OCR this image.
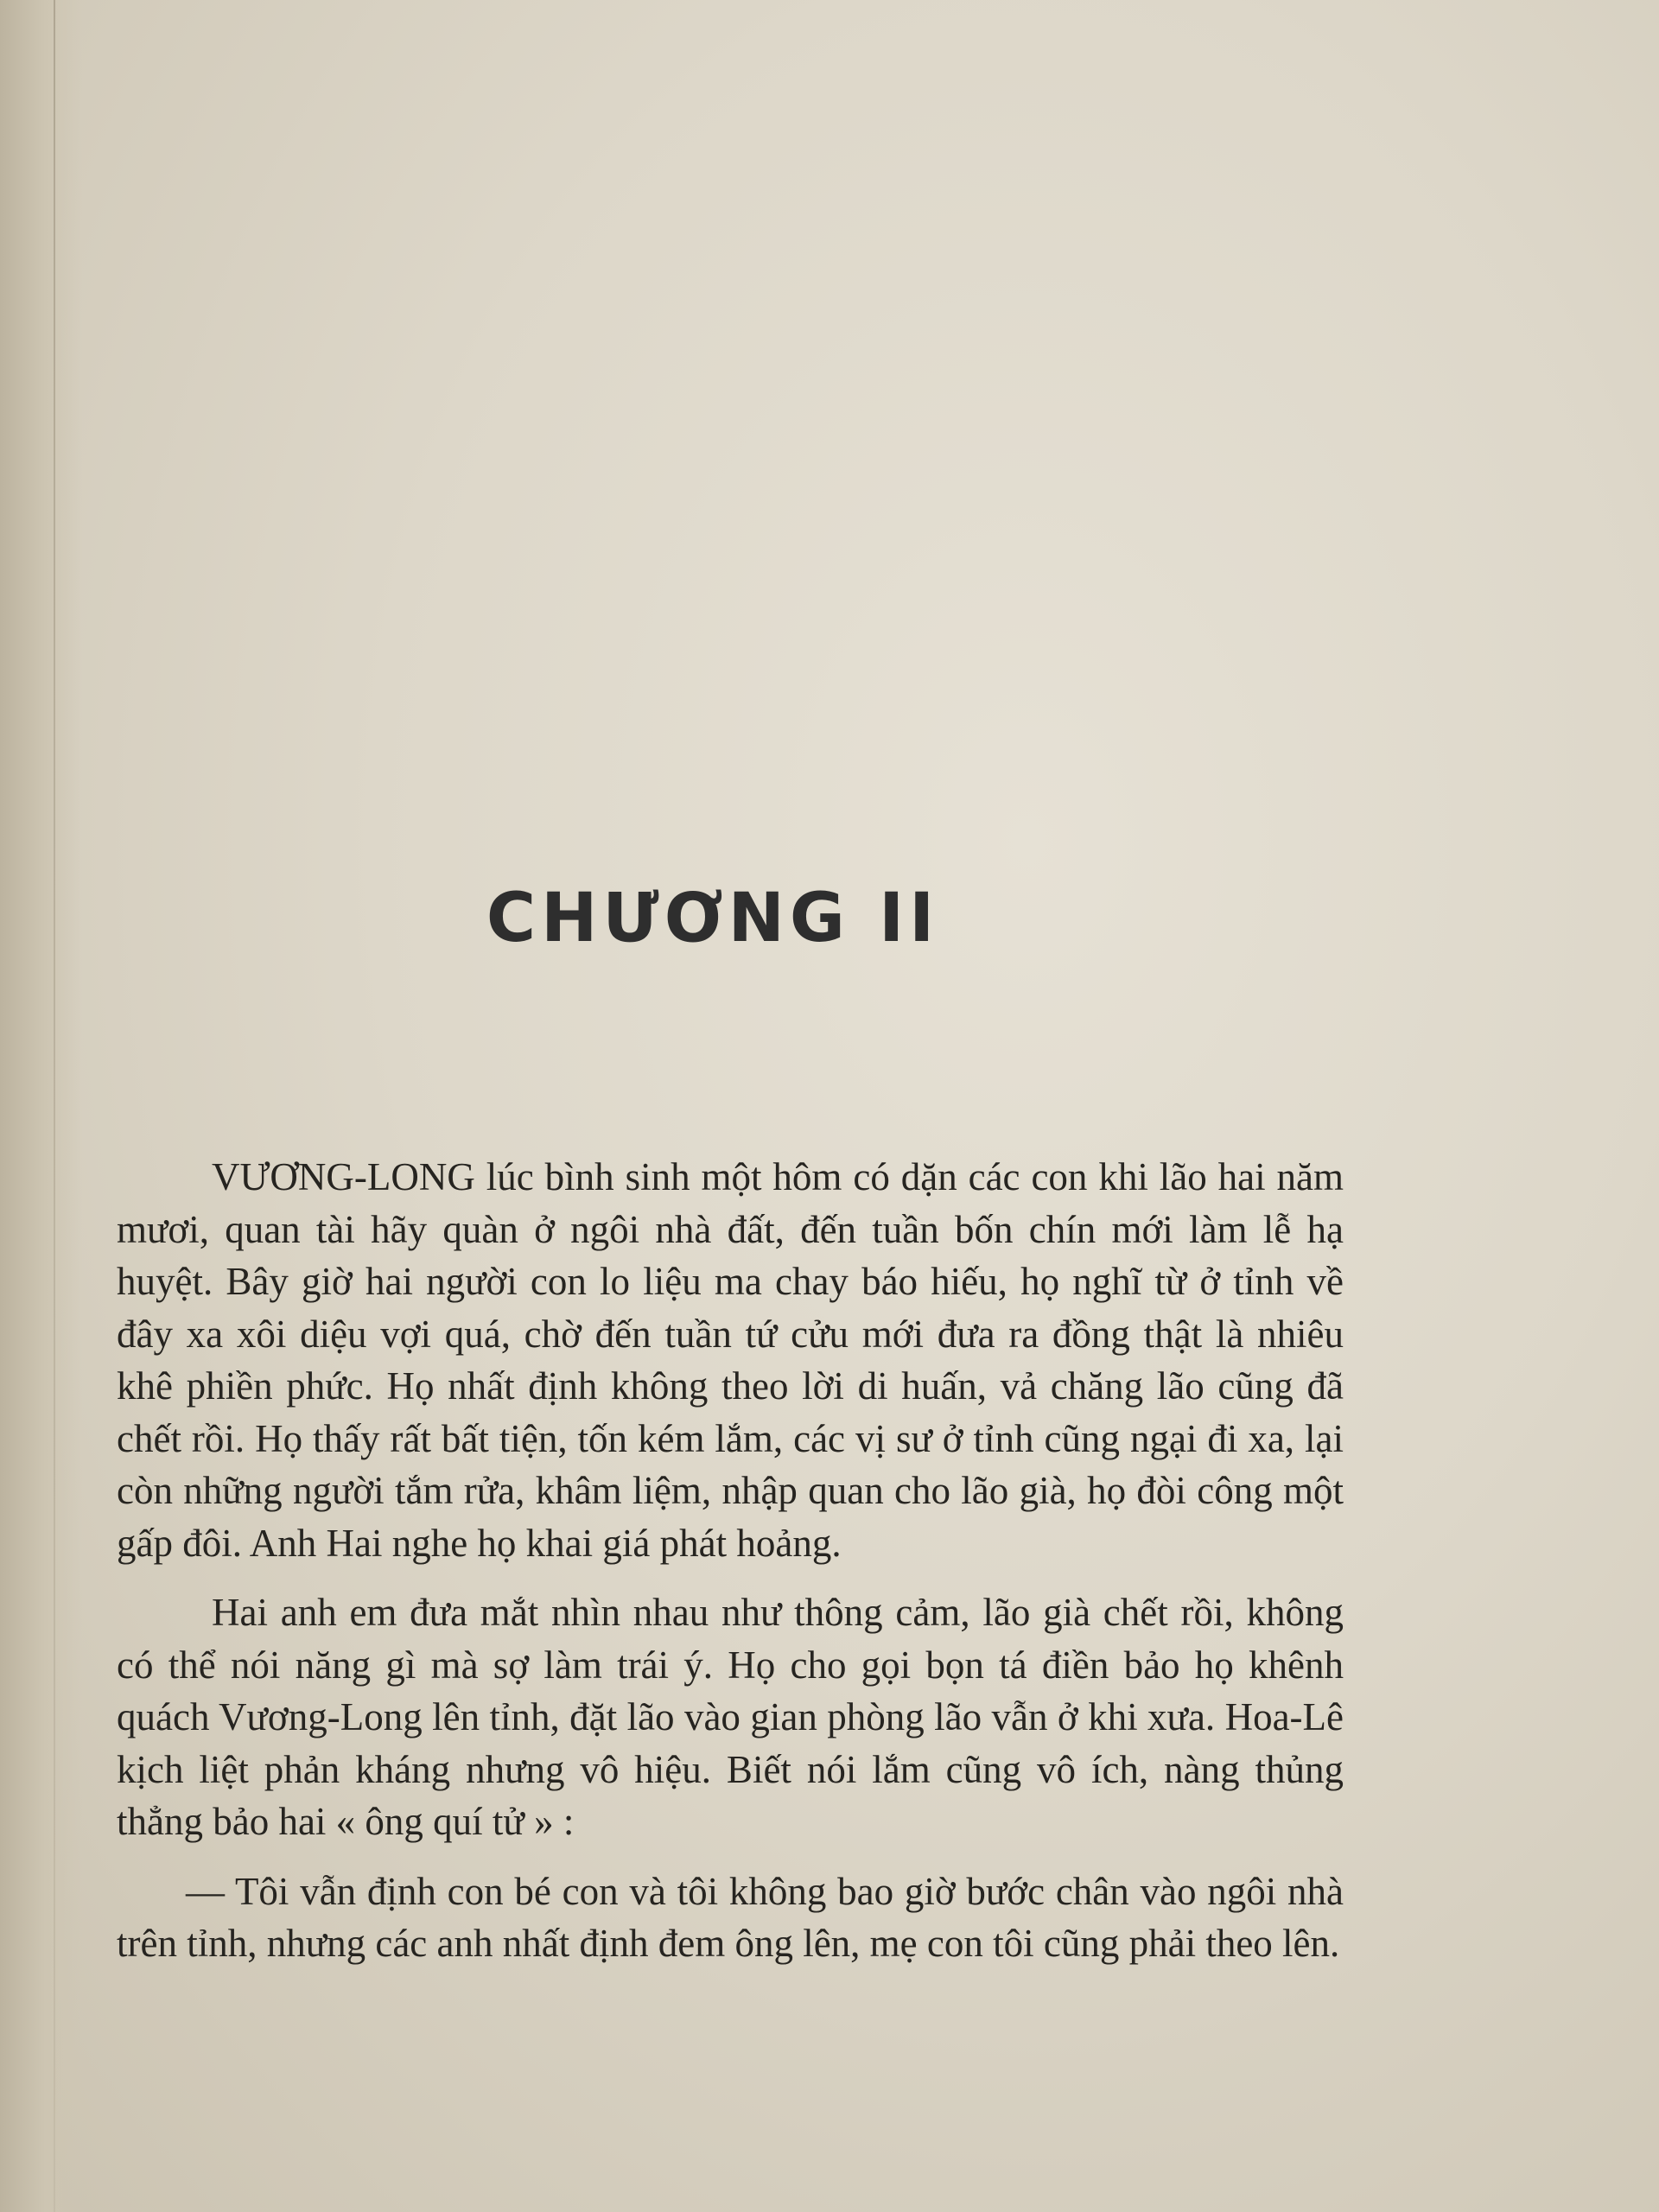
CHƯƠNG II

VƯƠNG-LONG lúc bình sinh một hôm có dặn các con khi lão hai năm mươi, quan tài hãy quàn ở ngôi nhà đất, đến tuần bốn chín mới làm lễ hạ huyệt. Bây giờ hai người con lo liệu ma chay báo hiếu, họ nghĩ từ ở tỉnh về đây xa xôi diệu vợi quá, chờ đến tuần tứ cửu mới đưa ra đồng thật là nhiêu khê phiền phức. Họ nhất định không theo lời di huấn, vả chăng lão cũng đã chết rồi. Họ thấy rất bất tiện, tốn kém lắm, các vị sư ở tỉnh cũng ngại đi xa, lại còn những người tắm rửa, khâm liệm, nhập quan cho lão già, họ đòi công một gấp đôi. Anh Hai nghe họ khai giá phát hoảng.

Hai anh em đưa mắt nhìn nhau như thông cảm, lão già chết rồi, không có thể nói năng gì mà sợ làm trái ý. Họ cho gọi bọn tá điền bảo họ khênh quách Vương-Long lên tỉnh, đặt lão vào gian phòng lão vẫn ở khi xưa. Hoa-Lê kịch liệt phản kháng nhưng vô hiệu. Biết nói lắm cũng vô ích, nàng thủng thẳng bảo hai « ông quí tử » :

— Tôi vẫn định con bé con và tôi không bao giờ bước chân vào ngôi nhà trên tỉnh, nhưng các anh nhất định đem ông lên, mẹ con tôi cũng phải theo lên.
